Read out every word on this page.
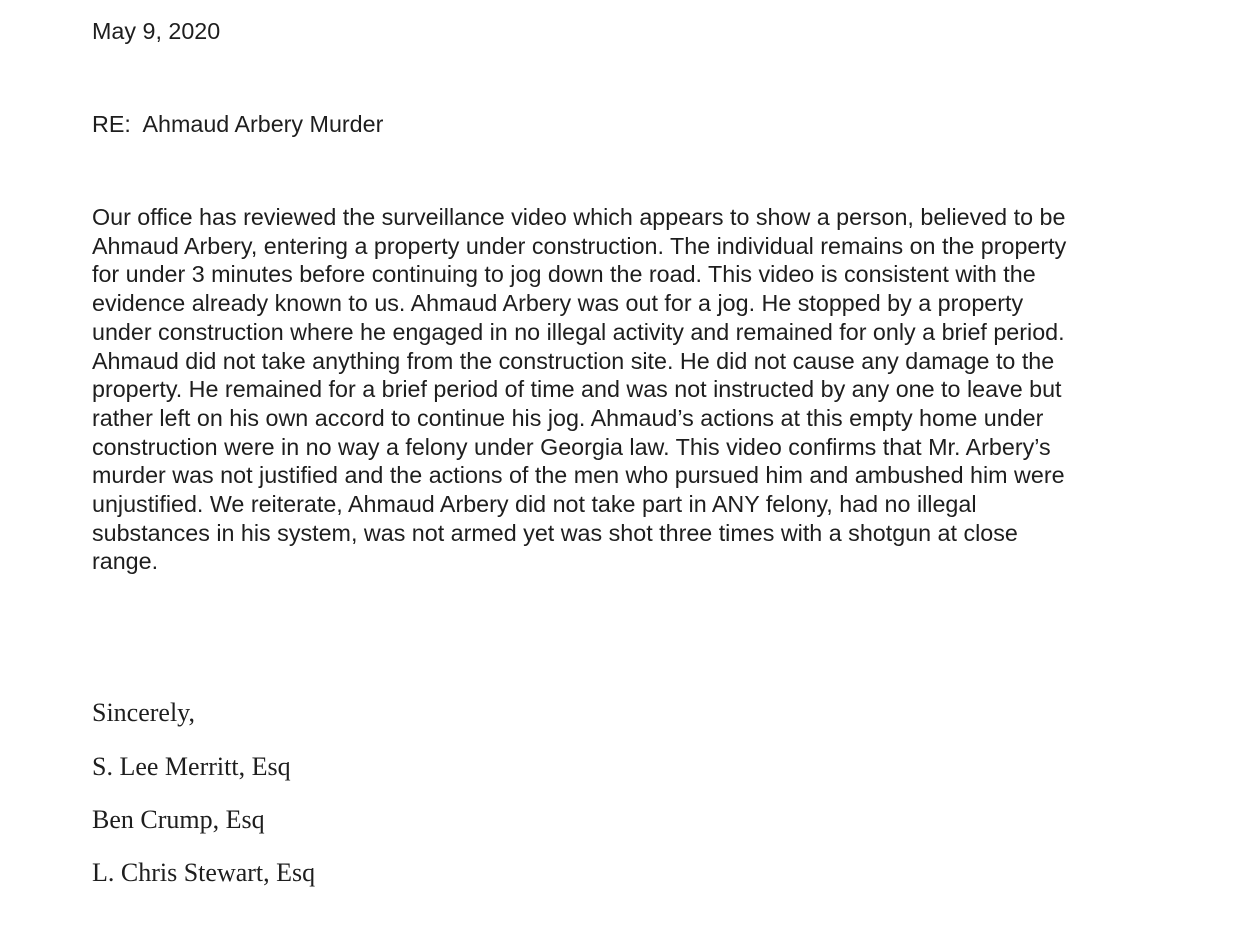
May 9, 2020
RE:  Ahmaud Arbery Murder
Our office has reviewed the surveillance video which appears to show a person, believed to be
Ahmaud Arbery, entering a property under construction. The individual remains on the property
for under 3 minutes before continuing to jog down the road. This video is consistent with the
evidence already known to us. Ahmaud Arbery was out for a jog. He stopped by a property
under construction where he engaged in no illegal activity and remained for only a brief period.
Ahmaud did not take anything from the construction site. He did not cause any damage to the
property. He remained for a brief period of time and was not instructed by any one to leave but
rather left on his own accord to continue his jog. Ahmaud’s actions at this empty home under
construction were in no way a felony under Georgia law. This video confirms that Mr. Arbery’s
murder was not justified and the actions of the men who pursued him and ambushed him were
unjustified. We reiterate, Ahmaud Arbery did not take part in ANY felony, had no illegal
substances in his system, was not armed yet was shot three times with a shotgun at close
range.
Sincerely,
S. Lee Merritt, Esq
Ben Crump, Esq
L. Chris Stewart, Esq
